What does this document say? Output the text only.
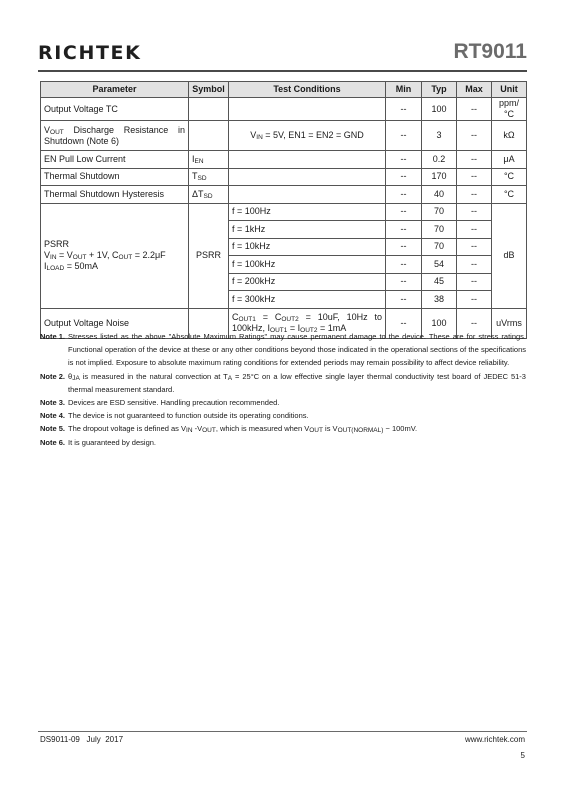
RICHTEK	RT9011
Parameter	Symbol	Test Conditions	Min	Typ	Max	Unit
Output Voltage TC			--	100	--	ppm/°C
$V_{OUT}$ Discharge Resistance in Shutdown (Note 6)		$V_{IN} = 5V$, EN1 = EN2 = GND	--	3	--	kΩ
EN Pull Low Current	$I_{EN}$		--	0.2	--	μA
Thermal Shutdown	$T_{SD}$		--	170	--	°C
Thermal Shutdown Hysteresis	$\Delta T_{SD}$		--	40	--	°C

PSRR
$V_{IN} = V_{OUT} + 1V$, $C_{OUT} = 2.2\mu F$
$I_{LOAD} = 50mA$	PSRR	f = 100Hz	--	70	--	dB
		f = 1kHz	--	70	--	
		f = 10kHz	--	70	--	
		f = 100kHz	--	54	--	
		f = 200kHz	--	45	--	
		f = 300kHz	--	38	--	
Output Voltage Noise		$C_{OUT1} = C_{OUT2} = 10uF$, 10Hz to 100kHz, $I_{OUT1} = I_{OUT2} = 1mA$	--	100	--	uVrms
Note 1. Stresses listed as the above "Absolute Maximum Ratings" may cause permanent damage to the device. These are for stress ratings. Functional operation of the device at these or any other conditions beyond those indicated in the operational sections of the specifications is not implied. Exposure to absolute maximum rating conditions for extended periods may remain possibility to affect device reliability.
Note 2. $\theta_{JA}$ is measured in the natural convection at $T_A = 25^\circ C$ on a low effective single layer thermal conductivity test board of JEDEC 51-3 thermal measurement standard.
Note 3. Devices are ESD sensitive. Handling precaution recommended.
Note 4. The device is not guaranteed to function outside its operating conditions.
Note 5. The dropout voltage is defined as $V_{IN}$ $-V_{OUT}$, which is measured when $V_{OUT}$ is $V_{OUT(NORMAL)} - 100mV$.
Note 6. It is guaranteed by design.
DS9011-09   July  2017	www.richtek.com
5
